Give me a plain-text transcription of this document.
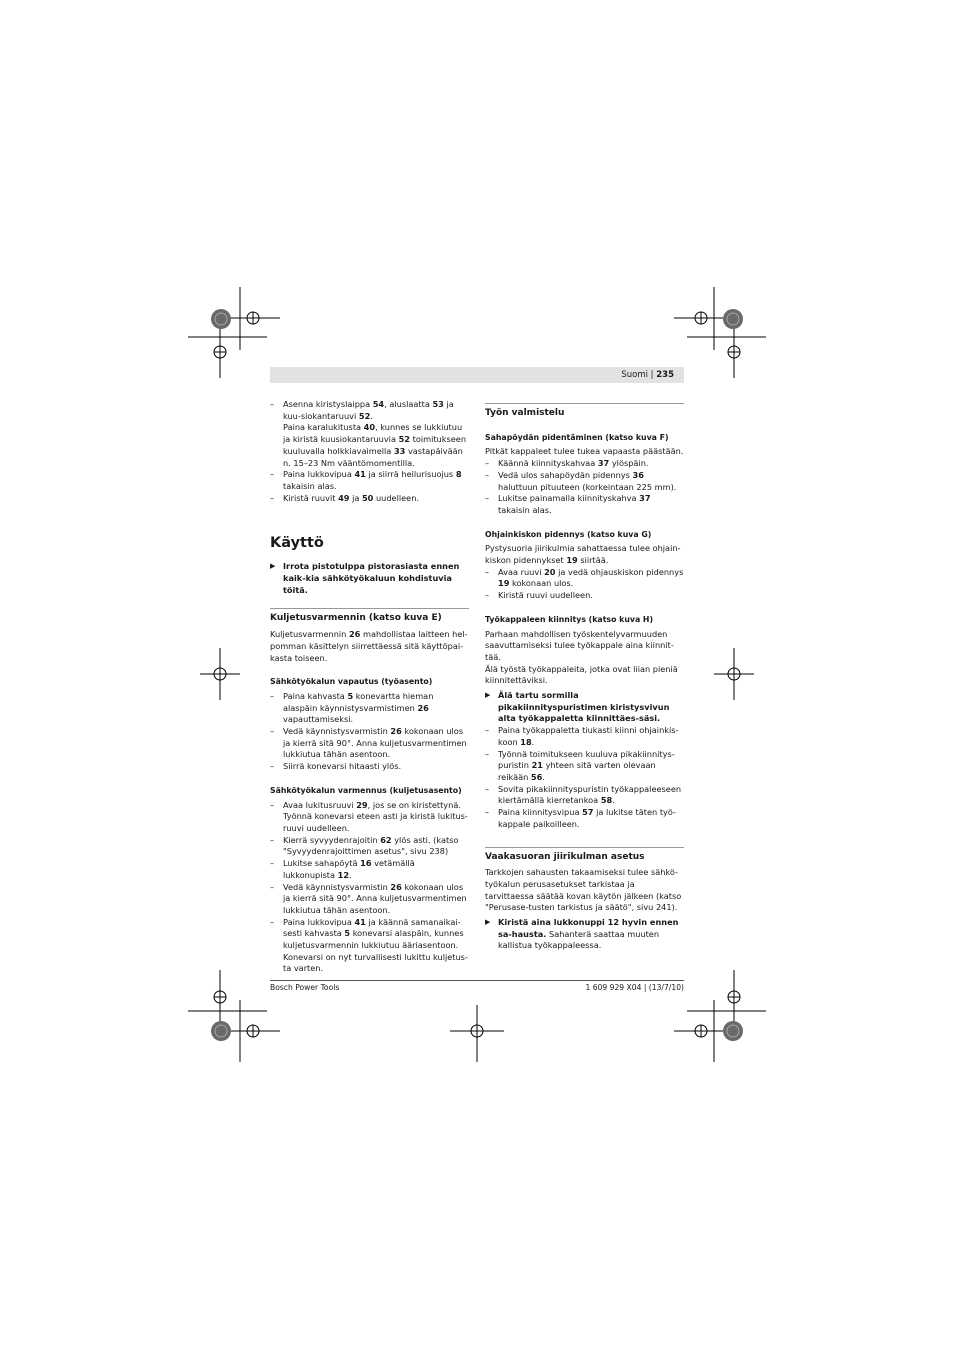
Suomi | 235

– Asenna kiristyslaippa 54, aluslaatta 53 ja kuu-siokantaruuvi 52.

Paina karalukitusta 40, kunnes se lukkiutuu ja kiristä kuusiokantaruuvia 52 toimitukseen kuuluvalla holkkiavaimella 33 vastapäivään n. 15–23 Nm vääntömomentilla.

– Paina lukkovipua 41 ja siirrä heilurisuojus 8 takaisin alas.

– Kiristä ruuvit 49 ja 50 uudelleen.

Käyttö

▶ Irrota pistotulppa pistorasiasta ennen kaik-kia sähkötyökaluun kohdistuvia töitä.

Kuljetusvarmennin (katso kuva E)

Kuljetusvarmennin 26 mahdollistaa laitteen hel-pomman käsittelyn siirrettäessä sitä käyttöpai-kasta toiseen.

Sähkötyökalun vapautus (työasento)

– Paina kahvasta 5 konevartta hieman alaspäin käynnistysvarmistimen 26 vapauttamiseksi.

– Vedä käynnistysvarmistin 26 kokonaan ulos ja kierrä sitä 90°. Anna kuljetusvarmentimen lukkiutua tähän asentoon.

– Siirrä konevarsi hitaasti ylös.

Sähkötyökalun varmennus (kuljetusasento)

– Avaa lukitusruuvi 29, jos se on kiristettynä. Työnnä konevarsi eteen asti ja kiristä lukitus-ruuvi uudelleen.

– Kierrä syvyydenrajoitin 62 ylös asti. (katso "Syvyydenrajoittimen asetus", sivu 238)

– Lukitse sahapöytä 16 vetämällä lukkonupista 12.

– Vedä käynnistysvarmistin 26 kokonaan ulos ja kierrä sitä 90°. Anna kuljetusvarmentimen lukkiutua tähän asentoon.

– Paina lukkovipua 41 ja käännä samanaikai-sesti kahvasta 5 konevarsi alaspäin, kunnes kuljetusvarmennin lukkiutuu ääriasentoon. Konevarsi on nyt turvallisesti lukittu kuljetus-ta varten.

Työn valmistelu

Sahapöydän pidentäminen (katso kuva F)

Pitkät kappaleet tulee tukea vapaasta päästään.

– Käännä kiinnityskahvaa 37 ylöspäin.

– Vedä ulos sahapöydän pidennys 36 haluttuun pituuteen (korkeintaan 225 mm).

– Lukitse painamalla kiinnityskahva 37 takaisin alas.

Ohjainkiskon pidennys (katso kuva G)

Pystysuoria jiirikulmia sahattaessa tulee ohjain-kiskon pidennykset 19 siirtää.

– Avaa ruuvi 20 ja vedä ohjauskiskon pidennys 19 kokonaan ulos.

– Kiristä ruuvi uudelleen.

Työkappaleen kiinnitys (katso kuva H)

Parhaan mahdollisen työskentelyvarmuuden saavuttamiseksi tulee työkappale aina kiinnit-tää.

Älä työstä työkappaleita, jotka ovat liian pieniä kiinnitettäviksi.

▶ Älä tartu sormilla pikakiinnityspuristimen kiristysvivun alta työkappaletta kiinnittäes-säsi.

– Paina työkappaletta tiukasti kiinni ohjainkis-koon 18.

– Työnnä toimitukseen kuuluva pikakiinnitys-puristin 21 yhteen sitä varten olevaan reikään 56.

– Sovita pikakiinnityspuristin työkappaleeseen kiertämällä kierretankoa 58.

– Paina kiinnitysvipua 57 ja lukitse täten työ-kappale paikoilleen.

Vaakasuoran jiirikulman asetus

Tarkkojen sahausten takaamiseksi tulee sähkö-työkalun perusasetukset tarkistaa ja tarvittaessa säätää kovan käytön jälkeen (katso "Perusase-tusten tarkistus ja säätö", sivu 241).

▶ Kiristä aina lukkonuppi 12 hyvin ennen sa-hausta. Sahanterä saattaa muuten kallistua työkappaleessa.

Bosch Power Tools	1 609 929 X04 | (13/7/10)
